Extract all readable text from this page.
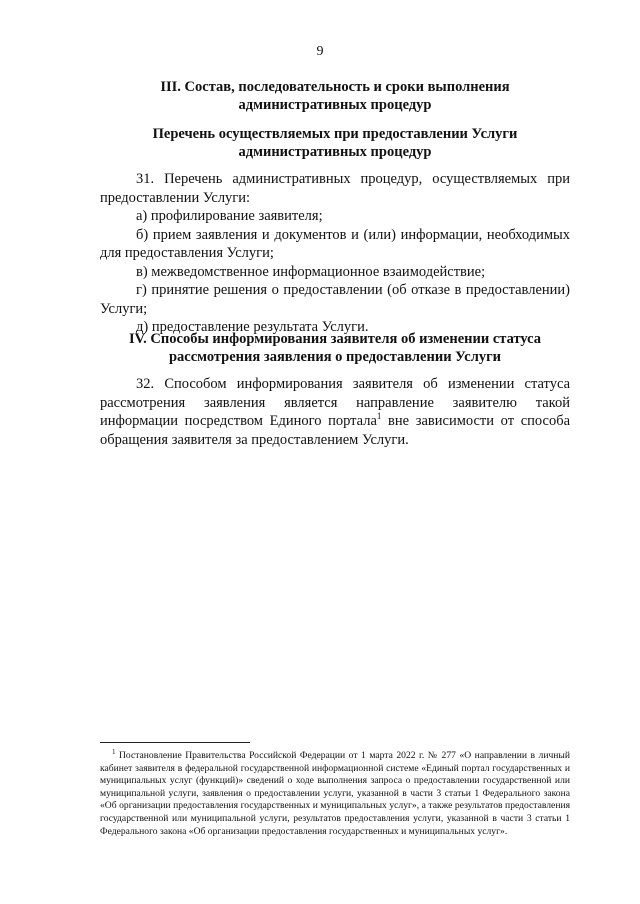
9
III. Состав, последовательность и сроки выполнения
административных процедур
Перечень осуществляемых при предоставлении Услуги
административных процедур

31. Перечень административных процедур, осуществляемых при предоставлении Услуги:

а) профилирование заявителя;

б) прием заявления и документов и (или) информации, необходимых для предоставления Услуги;

в) межведомственное информационное взаимодействие;

г) принятие решения о предоставлении (об отказе в предоставлении) Услуги;

д) предоставление результата Услуги.

IV. Способы информирования заявителя об изменении статуса
рассмотрения заявления о предоставлении Услуги

32. Способом информирования заявителя об изменении статуса рассмотрения заявления является направление заявителю такой информации посредством Единого портала$^1$ вне зависимости от способа обращения заявителя за предоставлением Услуги.

$^1$ Постановление Правительства Российской Федерации от 1 марта 2022 г. № 277 «О направлении в личный кабинет заявителя в федеральной государственной информационной системе «Единый портал государственных и муниципальных услуг (функций)» сведений о ходе выполнения запроса о предоставлении государственной или муниципальной услуги, заявления о предоставлении услуги, указанной в части 3 статьи 1 Федерального закона «Об организации предоставления государственных и муниципальных услуг», а также результатов предоставления государственной или муниципальной услуги, результатов предоставления услуги, указанной в части 3 статьи 1 Федерального закона «Об организации предоставления государственных и муниципальных услуг».
